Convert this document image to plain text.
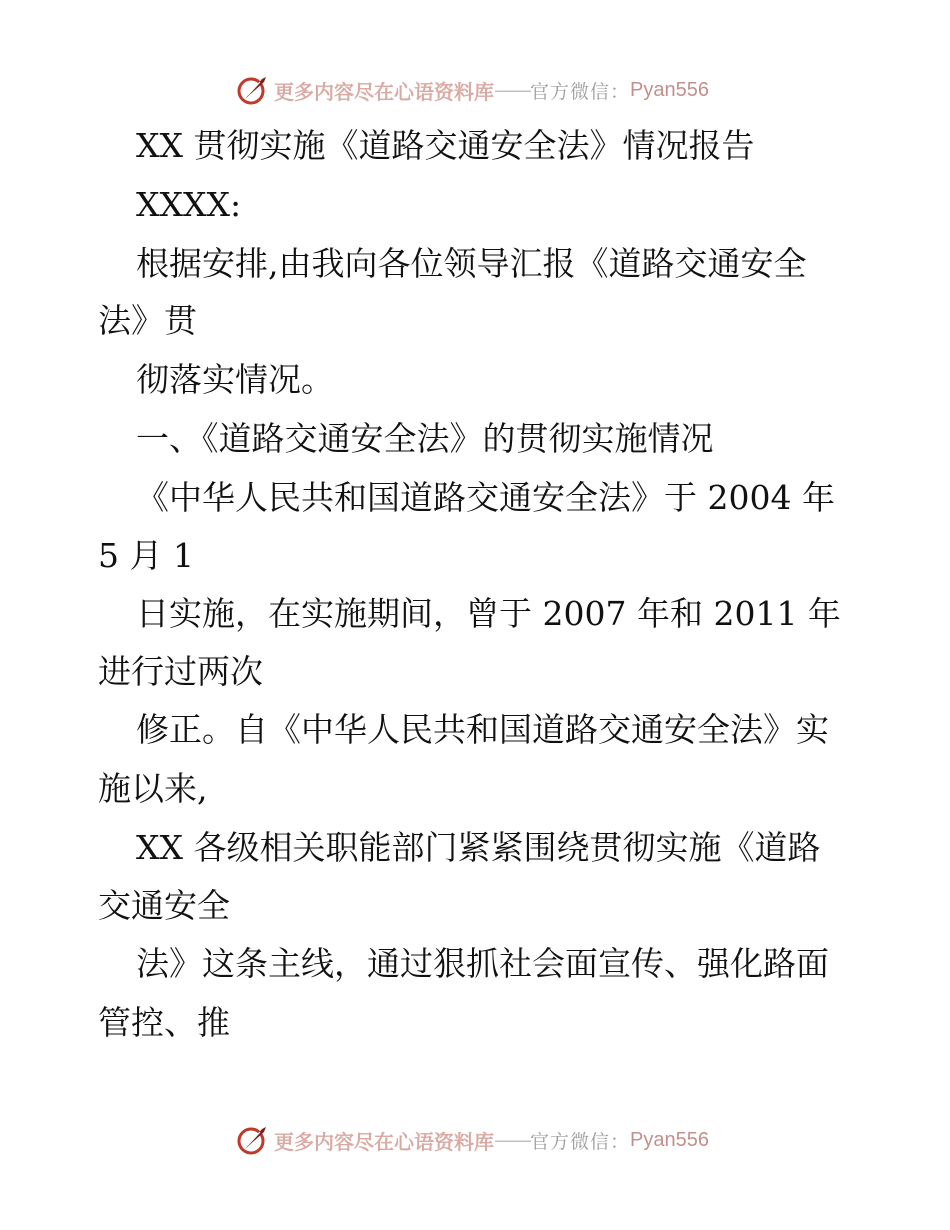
更多内容尽在心语资料库 —— 官方微信： Pyan556
XX 贯彻实施《道路交通安全法》情况报告
XXXX:
根据安排,由我向各位领导汇报《道路交通安全
法》贯
彻落实情况。
一、《道路交通安全法》的贯彻实施情况
《中华人民共和国道路交通安全法》于 2004 年
5 月 1
日实施，在实施期间，曾于 2007 年和 2011 年
进行过两次
修正。自《中华人民共和国道路交通安全法》实
施以来,
XX 各级相关职能部门紧紧围绕贯彻实施《道路
交通安全
法》这条主线，通过狠抓社会面宣传、强化路面
管控、推
更多内容尽在心语资料库 —— 官方微信： Pyan556
